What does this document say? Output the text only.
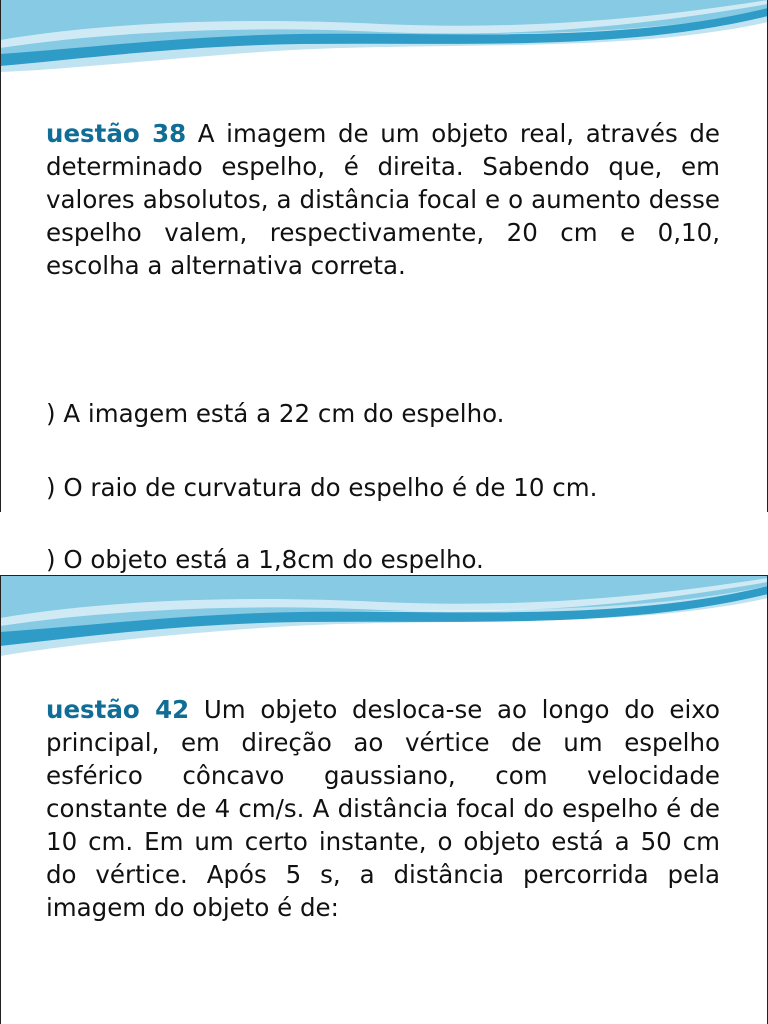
uestão 38 A imagem de um objeto real, através de determinado espelho, é direita. Sabendo que, em valores absolutos, a distância focal e o aumento desse espelho valem, respectivamente, 20 cm e 0,10, escolha a alternativa correta.

) A imagem está a 22 cm do espelho.

) O raio de curvatura do espelho é de 10 cm.

) O objeto está a 1,8cm do espelho.

uestão 42 Um objeto desloca-se ao longo do eixo principal, em direção ao vértice de um espelho esférico côncavo gaussiano, com velocidade constante de 4 cm/s. A distância focal do espelho é de 10 cm. Em um certo instante, o objeto está a 50 cm do vértice. Após 5 s, a distância percorrida pela imagem do objeto é de:
